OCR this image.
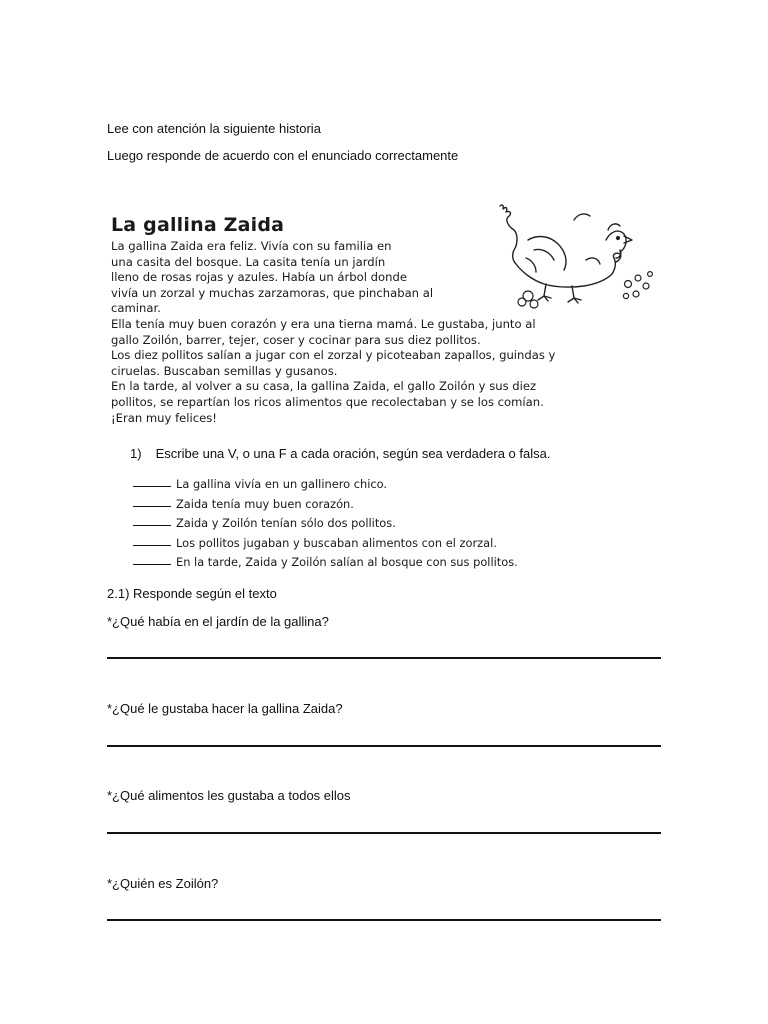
Lee con atención la siguiente historia
Luego responde de acuerdo con el enunciado correctamente
La gallina Zaida

La gallina Zaida era feliz. Vivía con su familia en

una casita del bosque. La casita tenía un jardín

lleno de rosas rojas y azules. Había un árbol donde

vivía un zorzal y muchas zarzamoras, que pinchaban al

caminar.

Ella tenía muy buen corazón y era una tierna mamá. Le gustaba, junto al

gallo Zoilón, barrer, tejer, coser y cocinar para sus diez pollitos.

Los diez pollitos salían a jugar con el zorzal y picoteaban zapallos, guindas y

ciruelas. Buscaban semillas y gusanos.

En la tarde, al volver a su casa, la gallina Zaida, el gallo Zoilón y sus diez

pollitos, se repartían los ricos alimentos que recolectaban y se los comían.

¡Eran muy felices!

1) Escribe una V, o una F a cada oración, según sea verdadera o falsa.
La gallina vivía en un gallinero chico.
Zaida tenía muy buen corazón.
Zaida y Zoilón tenían sólo dos pollitos.
Los pollitos jugaban y buscaban alimentos con el zorzal.
En la tarde, Zaida y Zoilón salían al bosque con sus pollitos.
2.1) Responde según el texto
*¿Qué había en el jardín de la gallina?
*¿Qué le gustaba hacer la gallina Zaida?
*¿Qué alimentos les gustaba a todos ellos
*¿Quién es Zoilón?
